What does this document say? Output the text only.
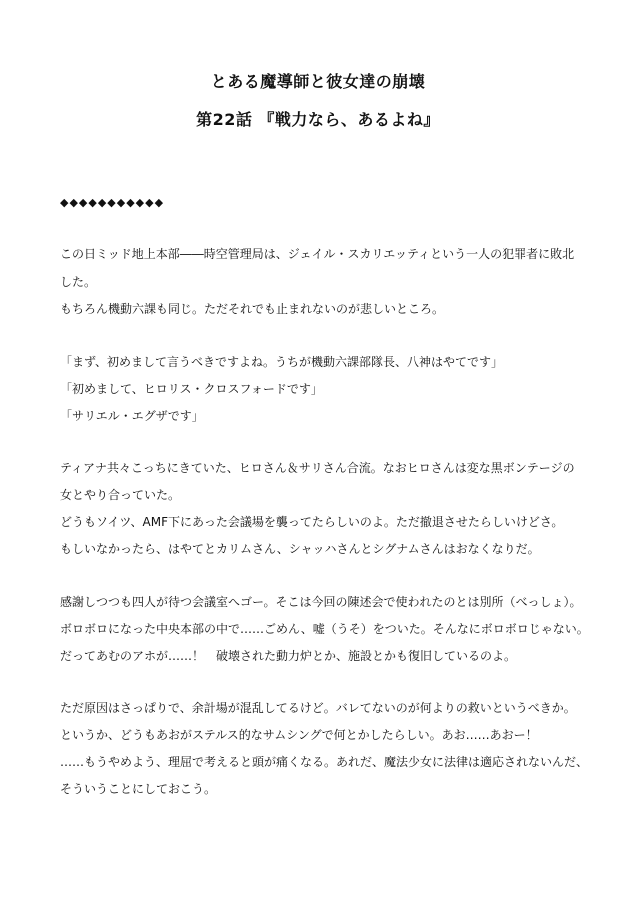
とある魔導師と彼女達の崩壊
第22話 『戦力なら、あるよね』
◆◆◆◆◆◆◆◆◆◆◆
この日ミッド地上本部――時空管理局は、ジェイル・スカリエッティという一人の犯罪者に敗北
した。
もちろん機動六課も同じ。ただそれでも止まれないのが悲しいところ。
「まず、初めまして言うべきですよね。うちが機動六課部隊長、八神はやてです」
「初めまして、ヒロリス・クロスフォードです」
「サリエル・エグザです」
ティアナ共々こっちにきていた、ヒロさん＆サリさん合流。なおヒロさんは変な黒ボンテージの
女とやり合っていた。
どうもソイツ、AMF下にあった会議場を襲ってたらしいのよ。ただ撤退させたらしいけどさ。
もしいなかったら、はやてとカリムさん、シャッハさんとシグナムさんはおなくなりだ。
感謝しつつも四人が待つ会議室へゴー。そこは今回の陳述会で使われたのとは別所（べっしょ）。
ボロボロになった中央本部の中で……ごめん、嘘（うそ）をついた。そんなにボロボロじゃない。
だってあむのアホが……！　破壊された動力炉とか、施設とかも復旧しているのよ。
ただ原因はさっぱりで、余計場が混乱してるけど。バレてないのが何よりの救いというべきか。
というか、どうもあおがステルス的なサムシングで何とかしたらしい。あお……あおー！
……もうやめよう、理屈で考えると頭が痛くなる。あれだ、魔法少女に法律は適応されないんだ、
そういうことにしておこう。
